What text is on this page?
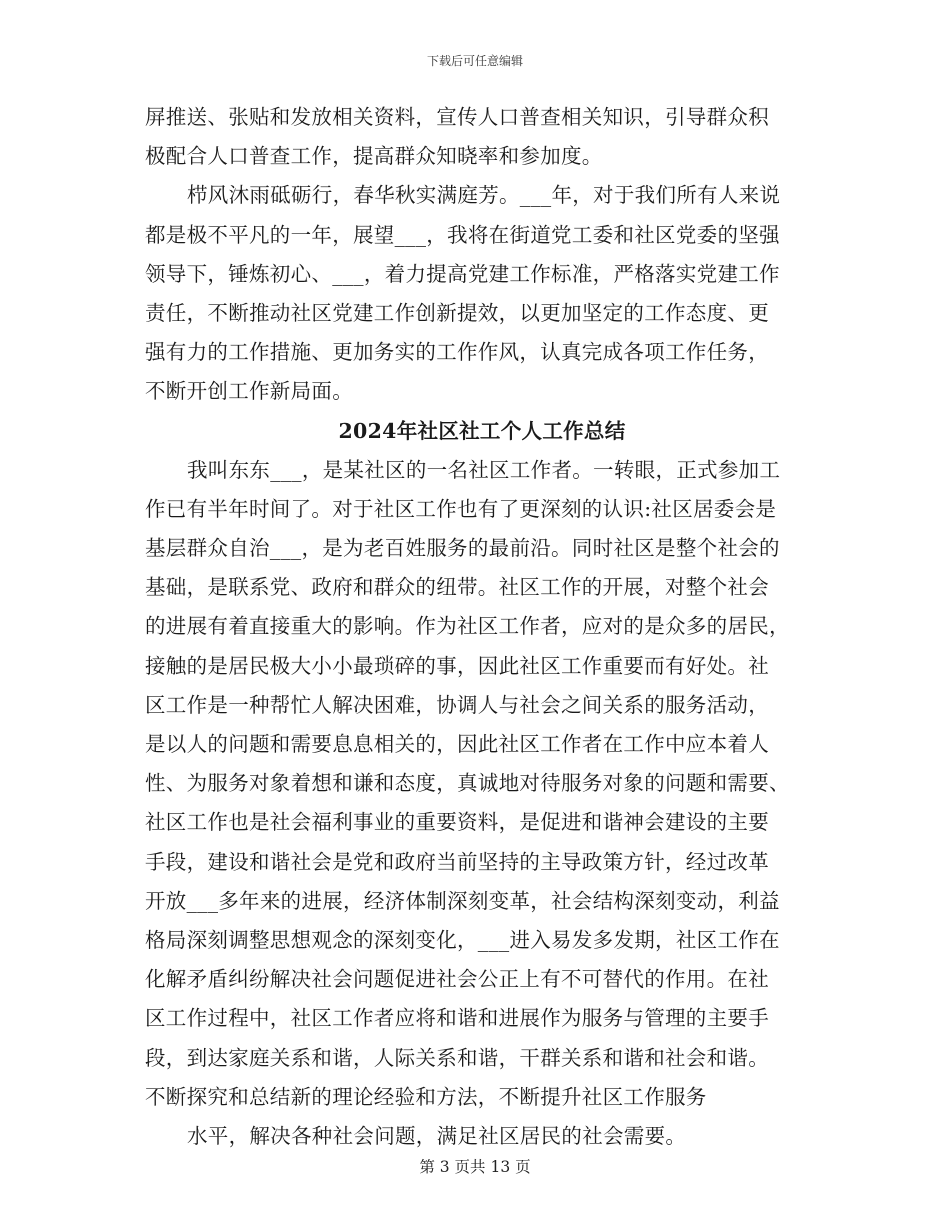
下载后可任意编辑
屏推送、张贴和发放相关资料，宣传人口普查相关知识，引导群众积
极配合人口普查工作，提高群众知晓率和参加度。
栉风沐雨砥砺行，春华秋实满庭芳。___年，对于我们所有人来说
都是极不平凡的一年，展望___，我将在街道党工委和社区党委的坚强
领导下，锤炼初心、___，着力提高党建工作标准，严格落实党建工作
责任，不断推动社区党建工作创新提效，以更加坚定的工作态度、更
强有力的工作措施、更加务实的工作作风，认真完成各项工作任务，
不断开创工作新局面。
2024年社区社工个人工作总结
我叫东东___，是某社区的一名社区工作者。一转眼，正式参加工
作已有半年时间了。对于社区工作也有了更深刻的认识:社区居委会是
基层群众自治___，是为老百姓服务的最前沿。同时社区是整个社会的
基础，是联系党、政府和群众的纽带。社区工作的开展，对整个社会
的进展有着直接重大的影响。作为社区工作者，应对的是众多的居民，
接触的是居民极大小小最琐碎的事，因此社区工作重要而有好处。社
区工作是一种帮忙人解决困难，协调人与社会之间关系的服务活动，
是以人的问题和需要息息相关的，因此社区工作者在工作中应本着人
性、为服务对象着想和谦和态度，真诚地对待服务对象的问题和需要、
社区工作也是社会福利事业的重要资料，是促进和谐神会建设的主要
手段，建设和谐社会是党和政府当前坚持的主导政策方针，经过改革
开放___多年来的进展，经济体制深刻变革，社会结构深刻变动，利益
格局深刻调整思想观念的深刻变化，___进入易发多发期，社区工作在
化解矛盾纠纷解决社会问题促进社会公正上有不可替代的作用。在社
区工作过程中，社区工作者应将和谐和进展作为服务与管理的主要手
段，到达家庭关系和谐，人际关系和谐，干群关系和谐和社会和谐。
不断探究和总结新的理论经验和方法，不断提升社区工作服务
水平，解决各种社会问题，满足社区居民的社会需要。
第 3 页共 13 页
